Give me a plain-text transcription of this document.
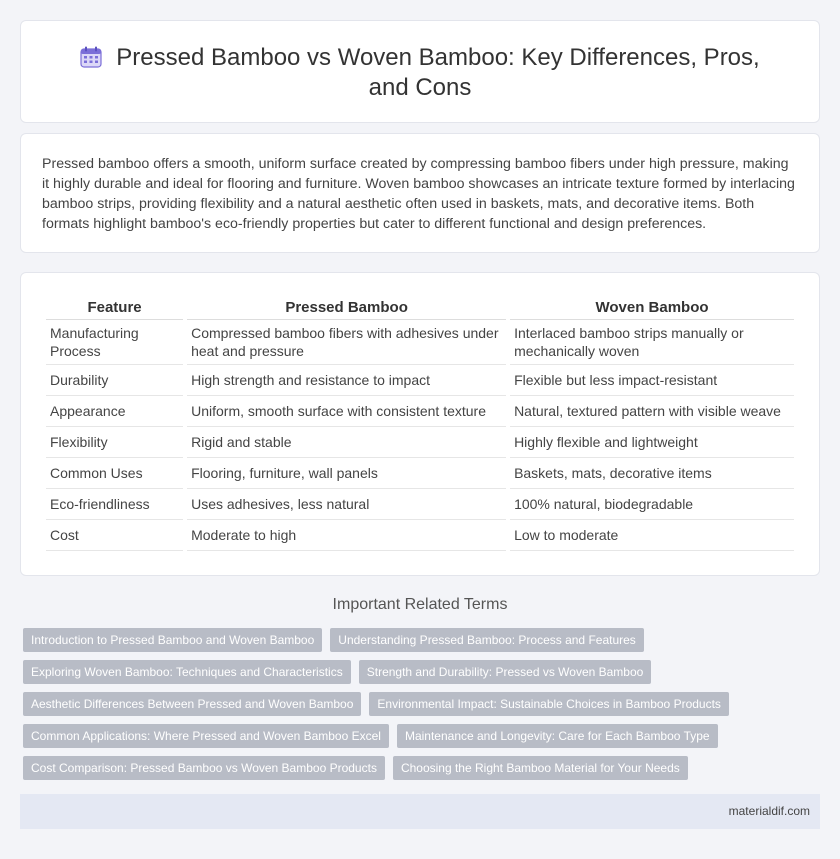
Pressed Bamboo vs Woven Bamboo: Key Differences, Pros, and Cons

Pressed bamboo offers a smooth, uniform surface created by compressing bamboo fibers under high pressure, making it highly durable and ideal for flooring and furniture. Woven bamboo showcases an intricate texture formed by interlacing bamboo strips, providing flexibility and a natural aesthetic often used in baskets, mats, and decorative items. Both formats highlight bamboo's eco-friendly properties but cater to different functional and design preferences.

Feature	Pressed Bamboo	Woven Bamboo
Manufacturing Process	Compressed bamboo fibers with adhesives under heat and pressure	Interlaced bamboo strips manually or mechanically woven
Durability	High strength and resistance to impact	Flexible but less impact-resistant
Appearance	Uniform, smooth surface with consistent texture	Natural, textured pattern with visible weave
Flexibility	Rigid and stable	Highly flexible and lightweight
Common Uses	Flooring, furniture, wall panels	Baskets, mats, decorative items
Eco-friendliness	Uses adhesives, less natural	100% natural, biodegradable
Cost	Moderate to high	Low to moderate
Important Related Terms
Introduction to Pressed Bamboo and Woven Bamboo	Understanding Pressed Bamboo: Process and Features
Exploring Woven Bamboo: Techniques and Characteristics	Strength and Durability: Pressed vs Woven Bamboo
Aesthetic Differences Between Pressed and Woven Bamboo	Environmental Impact: Sustainable Choices in Bamboo Products
Common Applications: Where Pressed and Woven Bamboo Excel	Maintenance and Longevity: Care for Each Bamboo Type
Cost Comparison: Pressed Bamboo vs Woven Bamboo Products	Choosing the Right Bamboo Material for Your Needs
materialdif.com
